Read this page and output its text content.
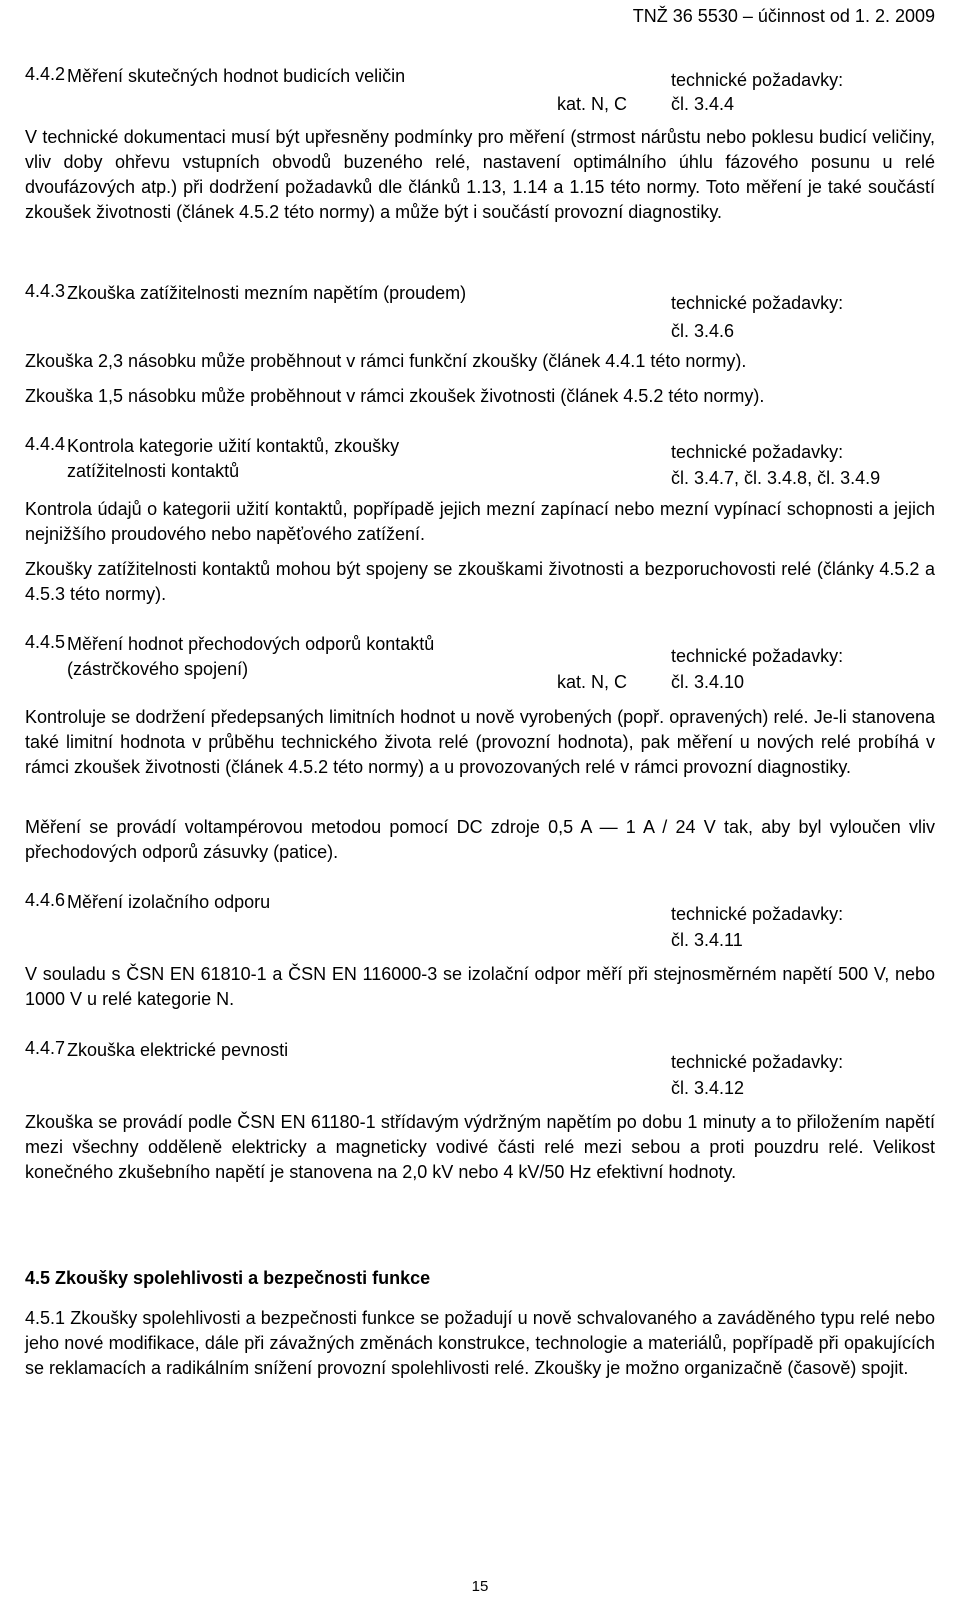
TNŽ 36 5530 – účinnost od 1. 2. 2009
4.4.2 Měření skutečných hodnot budicích veličin	technické požadavky:
kat. N, C čl. 3.4.4

V technické dokumentaci musí být upřesněny podmínky pro měření (strmost nárůstu nebo poklesu budicí veličiny, vliv doby ohřevu vstupních obvodů buzeného relé, nastavení optimálního úhlu fázového posunu u relé dvoufázových atp.) při dodržení požadavků dle článků 1.13, 1.14 a 1.15 této normy. Toto měření je také součástí zkoušek životnosti (článek 4.5.2 této normy) a může být i součástí provozní diagnostiky.

4.4.3 Zkouška zatížitelnosti mezním napětím (proudem)	technické požadavky:
čl. 3.4.6

Zkouška 2,3 násobku může proběhnout v rámci funkční zkoušky (článek 4.4.1 této normy).

Zkouška 1,5 násobku může proběhnout v rámci zkoušek životnosti (článek 4.5.2 této normy).

4.4.4 Kontrola kategorie užití kontaktů, zkoušky zatížitelnosti kontaktů
technické požadavky:
čl. 3.4.7, čl. 3.4.8, čl. 3.4.9

Kontrola údajů o kategorii užití kontaktů, popřípadě jejich mezní zapínací nebo mezní vypínací schopnosti a jejich nejnižšího proudového nebo napěťového zatížení.

Zkoušky zatížitelnosti kontaktů mohou být spojeny se zkouškami životnosti a bezporuchovosti relé (články 4.5.2 a 4.5.3 této normy).

4.4.5 Měření hodnot přechodových odporů kontaktů (zástrčkového spojení)
technické požadavky:
kat. N, C čl. 3.4.10

Kontroluje se dodržení předepsaných limitních hodnot u nově vyrobených (popř. opravených) relé. Je-li stanovena také limitní hodnota v průběhu technického života relé (provozní hodnota), pak měření u nových relé probíhá v rámci zkoušek životnosti (článek 4.5.2 této normy) a u provozovaných relé v rámci provozní diagnostiky.

Měření se provádí voltampérovou metodou pomocí DC zdroje 0,5 A — 1 A / 24 V tak, aby byl vyloučen vliv přechodových odporů zásuvky (patice).

4.4.6 Měření izolačního odporu
technické požadavky:
čl. 3.4.11

V souladu s ČSN EN 61810-1 a ČSN EN 116000-3 se izolační odpor měří při stejnosměrném napětí 500 V, nebo 1000 V u relé kategorie N.

4.4.7 Zkouška elektrické pevnosti
technické požadavky:
čl. 3.4.12

Zkouška se provádí podle ČSN EN 61180-1 střídavým výdržným napětím po dobu 1 minuty a to přiložením napětí mezi všechny odděleně elektricky a magneticky vodivé části relé mezi sebou a proti pouzdru relé. Velikost konečného zkušebního napětí je stanovena na 2,0 kV nebo 4 kV/50 Hz efektivní hodnoty.

4.5 Zkoušky spolehlivosti a bezpečnosti funkce

4.5.1 Zkoušky spolehlivosti a bezpečnosti funkce se požadují u nově schvalovaného a zaváděného typu relé nebo jeho nové modifikace, dále při závažných změnách konstrukce, technologie a materiálů, popřípadě při opakujících se reklamacích a radikálním snížení provozní spolehlivosti relé. Zkoušky je možno organizačně (časově) spojit.

15
